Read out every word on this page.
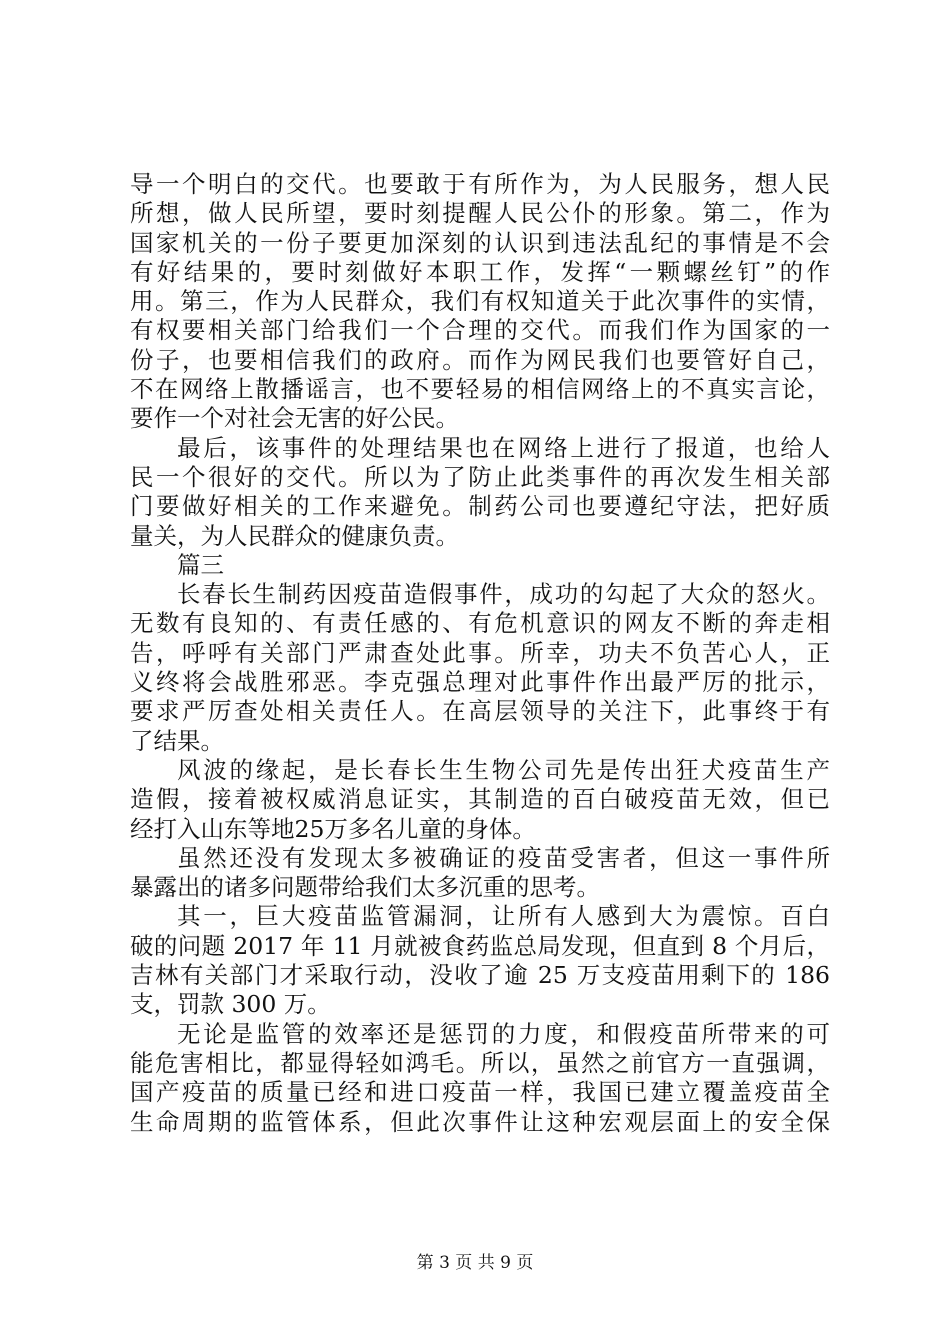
导一个明白的交代。也要敢于有所作为，为人民服务，想人民
所想，做人民所望，要时刻提醒人民公仆的形象。第二，作为
国家机关的一份子要更加深刻的认识到违法乱纪的事情是不会
有好结果的，要时刻做好本职工作，发挥“一颗螺丝钉”的作
用。第三，作为人民群众，我们有权知道关于此次事件的实情，
有权要相关部门给我们一个合理的交代。而我们作为国家的一
份子，也要相信我们的政府。而作为网民我们也要管好自己，
不在网络上散播谣言，也不要轻易的相信网络上的不真实言论，
要作一个对社会无害的好公民。
最后，该事件的处理结果也在网络上进行了报道，也给人
民一个很好的交代。所以为了防止此类事件的再次发生相关部
门要做好相关的工作来避免。制药公司也要遵纪守法，把好质
量关，为人民群众的健康负责。
篇三
长春长生制药因疫苗造假事件，成功的勾起了大众的怒火。
无数有良知的、有责任感的、有危机意识的网友不断的奔走相
告，呼呼有关部门严肃查处此事。所幸，功夫不负苦心人，正
义终将会战胜邪恶。李克强总理对此事件作出最严厉的批示，
要求严厉查处相关责任人。在高层领导的关注下，此事终于有
了结果。
风波的缘起，是长春长生生物公司先是传出狂犬疫苗生产
造假，接着被权威消息证实，其制造的百白破疫苗无效，但已
经打入山东等地25万多名儿童的身体。
虽然还没有发现太多被确证的疫苗受害者，但这一事件所
暴露出的诸多问题带给我们太多沉重的思考。
其一，巨大疫苗监管漏洞，让所有人感到大为震惊。百白
破的问题 2017 年 11 月就被食药监总局发现，但直到 8 个月后，
吉林有关部门才采取行动，没收了逾 25 万支疫苗用剩下的 186
支，罚款 300 万。
无论是监管的效率还是惩罚的力度，和假疫苗所带来的可
能危害相比，都显得轻如鸿毛。所以，虽然之前官方一直强调，
国产疫苗的质量已经和进口疫苗一样，我国已建立覆盖疫苗全
生命周期的监管体系，但此次事件让这种宏观层面上的安全保
第 3 页 共 9 页
